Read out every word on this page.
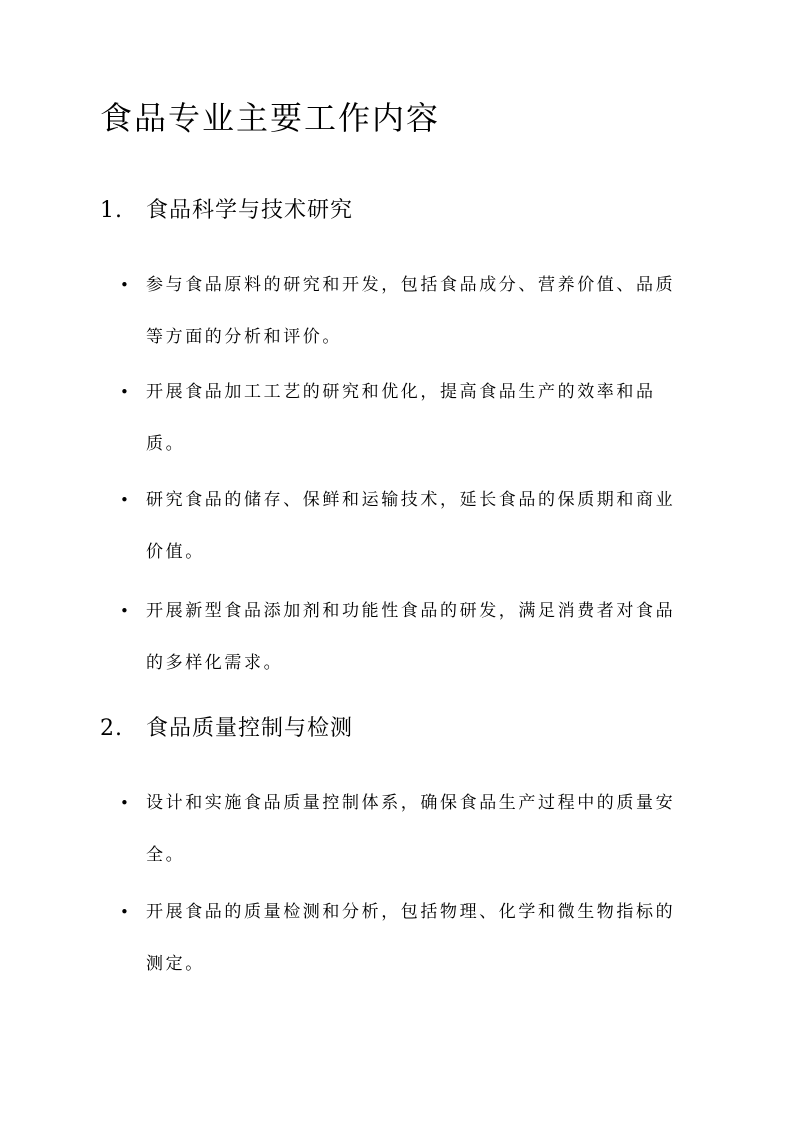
食品专业主要工作内容
1. 食品科学与技术研究
• 参与食品原料的研究和开发，包括食品成分、营养价值、品质等方面的分析和评价。
• 开展食品加工工艺的研究和优化，提高食品生产的效率和品质。
• 研究食品的储存、保鲜和运输技术，延长食品的保质期和商业价值。
• 开展新型食品添加剂和功能性食品的研发，满足消费者对食品的多样化需求。
2. 食品质量控制与检测
• 设计和实施食品质量控制体系，确保食品生产过程中的质量安全。
• 开展食品的质量检测和分析，包括物理、化学和微生物指标的测定。
